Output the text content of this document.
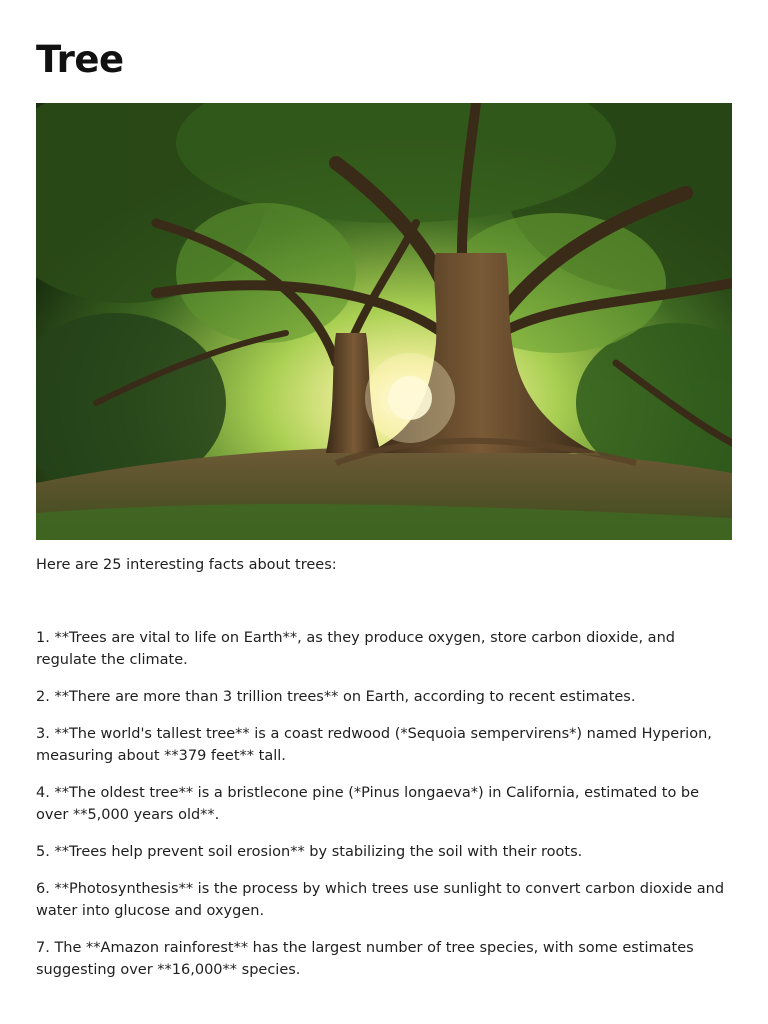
Tree

Here are 25 interesting facts about trees:

1. **Trees are vital to life on Earth**, as they produce oxygen, store carbon dioxide, and regulate the climate.
2. **There are more than 3 trillion trees** on Earth, according to recent estimates.
3. **The world's tallest tree** is a coast redwood (*Sequoia sempervirens*) named Hyperion, measuring about **379 feet** tall.
4. **The oldest tree** is a bristlecone pine (*Pinus longaeva*) in California, estimated to be over **5,000 years old**.
5. **Trees help prevent soil erosion** by stabilizing the soil with their roots.
6. **Photosynthesis** is the process by which trees use sunlight to convert carbon dioxide and water into glucose and oxygen.
7. The **Amazon rainforest** has the largest number of tree species, with some estimates suggesting over **16,000** species.
